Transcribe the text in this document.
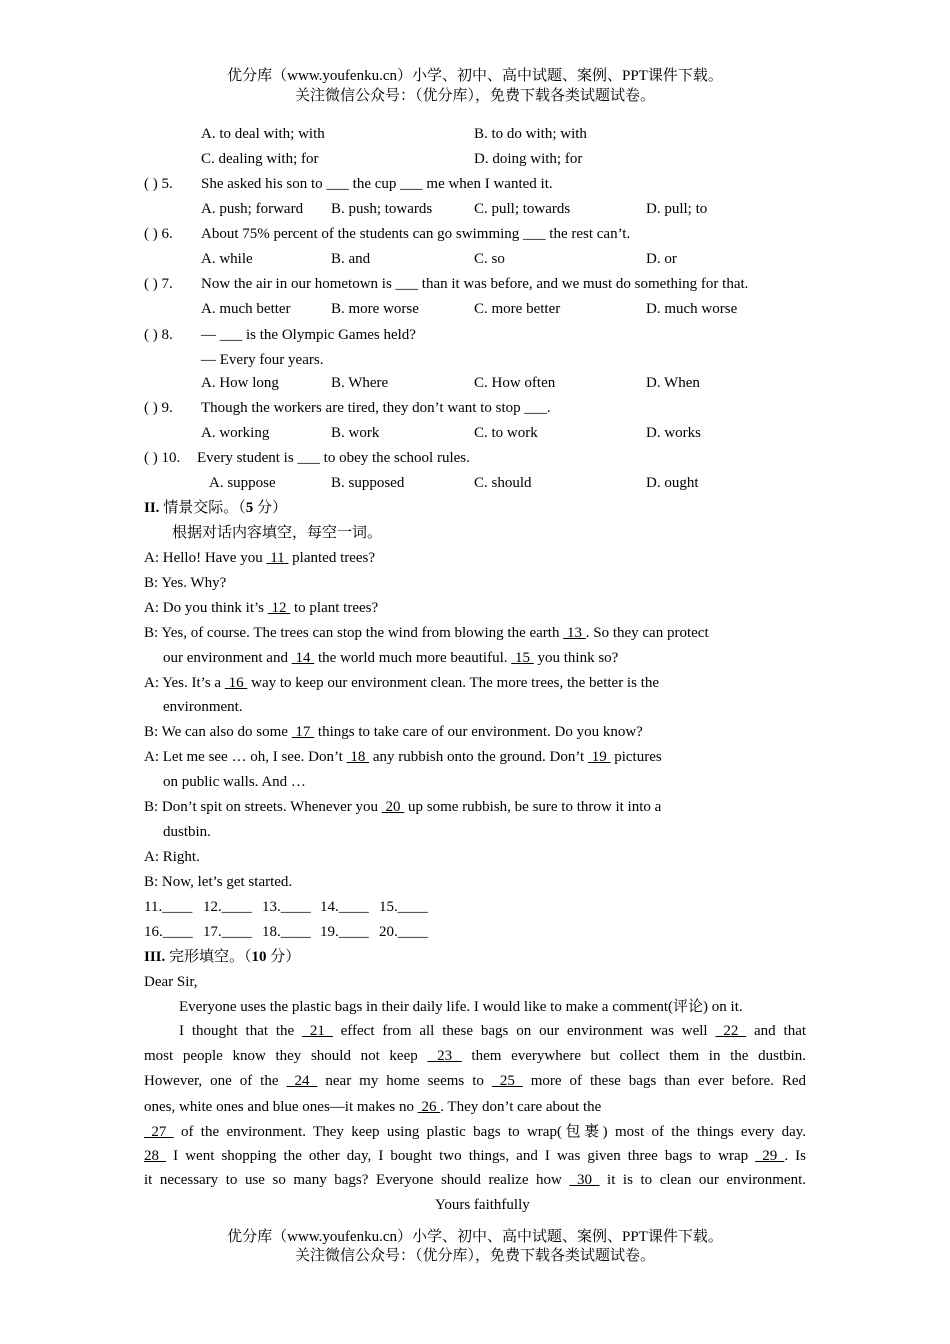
优分库（www.youfenku.cn）小学、初中、高中试题、案例、PPT课件下载。
关注微信公众号：（优分库），免费下载各类试题试卷。
A. to deal with; with	B. to do with; with
C. dealing with; for	D. doing with; for
( ) 5. She asked his son to ___ the cup ___ me when I wanted it.
A. push; forward B. push; towards	C. pull; towards	D. pull; to
( ) 6. About 75% percent of the students can go swimming ___ the rest can’t.
A. while	B. and	C. so	D. or
( ) 7. Now the air in our hometown is ___ than it was before, and we must do something for that.
A. much better	B. more worse	C. more better	D. much worse
( ) 8. — ___ is the Olympic Games held?
— Every four years.
A. How long	B. Where	C. How often	D. When
( ) 9. Though the workers are tired, they don’t want to stop ___.
A. working	B. work	C. to work	D. works
( ) 10. Every student is ___ to obey the school rules.
A. suppose	B. supposed	C. should	D. ought
II. 情景交际。（5 分）
根据对话内容填空，每空一词。
A: Hello! Have you  11  planted trees?
B: Yes. Why?
A: Do you think it’s  12  to plant trees?
B: Yes, of course. The trees can stop the wind from blowing the earth  13 . So they can protect
our environment and  14  the world much more beautiful.  15  you think so?
A: Yes. It’s a  16  way to keep our environment clean. The more trees, the better is the
environment.
B: We can also do some  17  things to take care of our environment. Do you know?
A: Let me see … oh, I see. Don’t  18  any rubbish onto the ground. Don’t  19  pictures
on public walls. And …
B: Don’t spit on streets. Whenever you  20  up some rubbish, be sure to throw it into a
dustbin.
A: Right.
B: Now, let’s get started.
11.____ 12.____ 13.____ 14.____ 15.____
16.____ 17.____ 18.____ 19.____ 20.____
III. 完形填空。（10 分）
Dear Sir,
Everyone uses the plastic bags in their daily life. I would like to make a comment(评论) on it.
I thought that the  21  effect from all these bags on our environment was well  22  and that
most people know they should not keep  23  them everywhere but collect them in the dustbin.
However, one of the  24  near my home seems to  25  more of these bags than ever before. Red
ones, white ones and blue ones—it makes no  26 . They don’t care about the
27  of the environment. They keep using plastic bags to wrap(包裹) most of the things every day.
28  I went shopping the other day, I bought two things, and I was given three bags to wrap  29 . Is
it necessary to use so many bags? Everyone should realize how  30  it is to clean our environment.
Yours faithfully
优分库（www.youfenku.cn）小学、初中、高中试题、案例、PPT课件下载。
关注微信公众号：（优分库），免费下载各类试题试卷。
